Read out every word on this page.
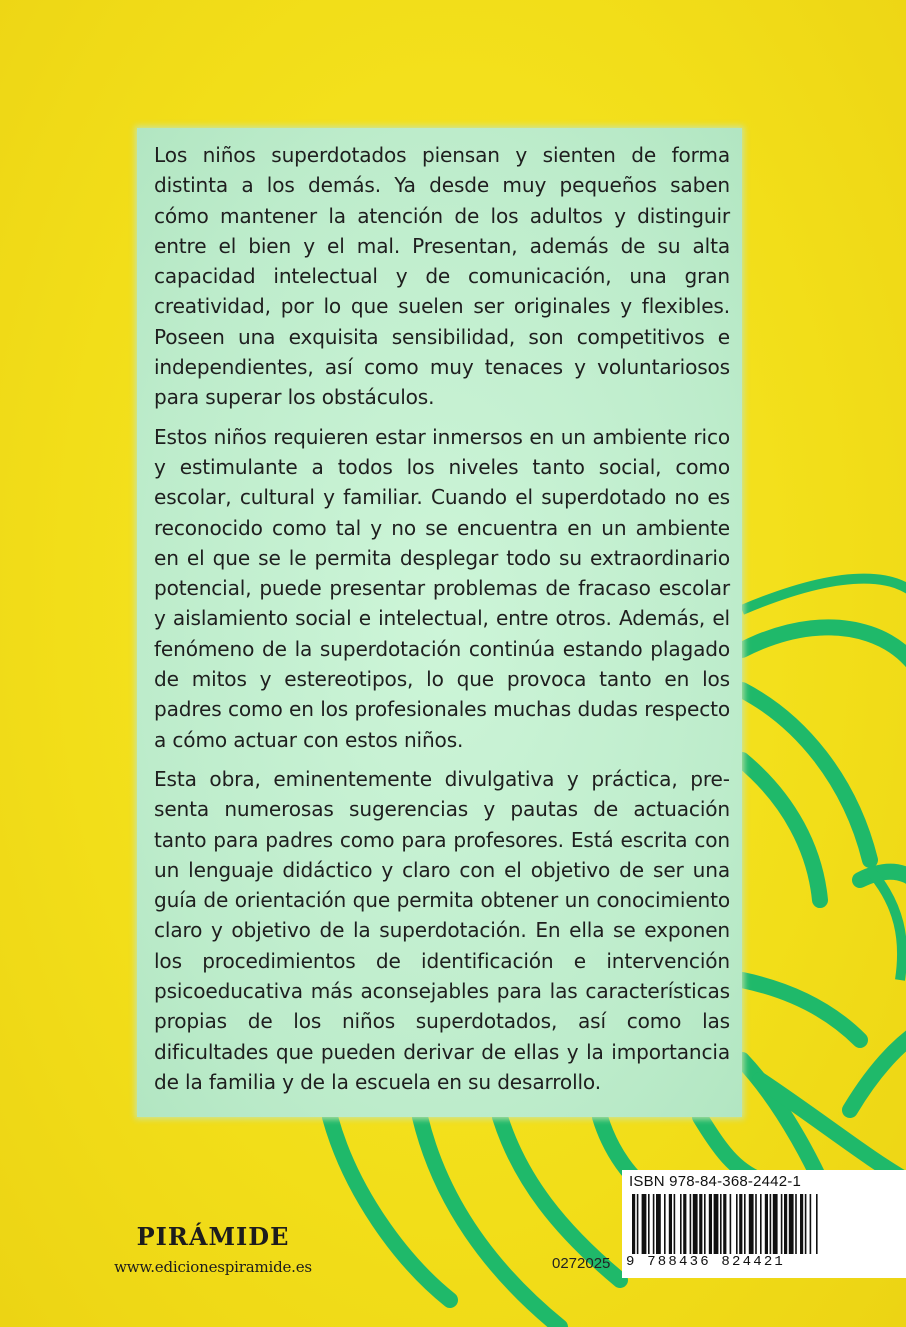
Los niños superdotados piensan y sienten de forma distinta a los demás. Ya desde muy pequeños saben cómo mantener la atención de los adultos y distinguir entre el bien y el mal. Presentan, además de su alta capacidad intelectual y de comunicación, una gran creatividad, por lo que suelen ser originales y flexibles. Poseen una exquisita sensibilidad, son competitivos e independientes, así como muy tenaces y voluntariosos para superar los obstáculos.

Estos niños requieren estar inmersos en un ambiente rico y estimulante a todos los niveles tanto social, como escolar, cultural y familiar. Cuando el superdotado no es reconocido como tal y no se encuentra en un ambiente en el que se le permita desplegar todo su extraordinario potencial, puede presentar problemas de fracaso escolar y aislamiento social e intelectual, entre otros. Además, el fenómeno de la superdotación continúa estando plagado de mitos y estereotipos, lo que provoca tanto en los padres como en los profesionales muchas dudas respecto a cómo actuar con estos niños.

Esta obra, eminentemente divulgativa y práctica, presenta numerosas sugerencias y pautas de actuación tanto para padres como para profesores. Está escrita con un lenguaje didáctico y claro con el objetivo de ser una guía de orientación que permita obtener un conocimiento claro y objetivo de la superdotación. En ella se exponen los procedimientos de identificación e intervención psicoeducativa más aconsejables para las características propias de los niños superdotados, así como las dificultades que pueden derivar de ellas y la importancia de la familia y de la escuela en su desarrollo.

PIRÁMIDE
www.edicionespiramide.es	0272025
ISBN 978-84-368-2442-1
9 788436 824421
